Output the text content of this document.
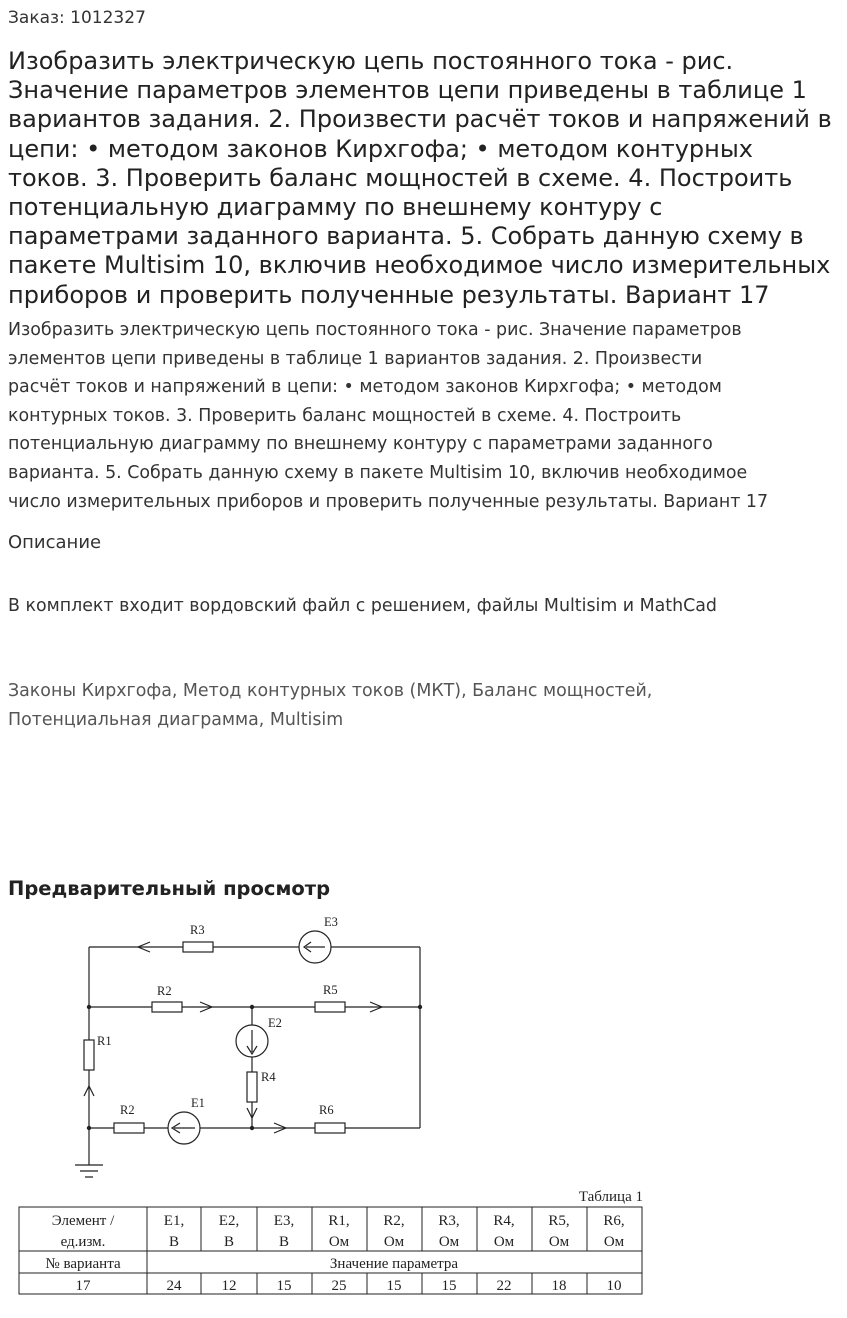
Заказ: 1012327
Изобразить электрическую цепь постоянного тока - рис. Значение параметров элементов цепи приведены в таблице 1 вариантов задания. 2. Произвести расчёт токов и напряжений в цепи: • методом законов Кирхгофа; • методом контурных токов. 3. Проверить баланс мощностей в схеме. 4. Построить потенциальную диаграмму по внешнему контуру с параметрами заданного варианта. 5. Собрать данную схему в пакете Multisim 10, включив необходимое число измерительных приборов и проверить полученные результаты. Вариант 17
Изобразить электрическую цепь постоянного тока - рис. Значение параметров
элементов цепи приведены в таблице 1 вариантов задания. 2. Произвести
расчёт токов и напряжений в цепи: • методом законов Кирхгофа; • методом
контурных токов. 3. Проверить баланс мощностей в схеме. 4. Построить
потенциальную диаграмму по внешнему контуру с параметрами заданного
варианта. 5. Собрать данную схему в пакете Multisim 10, включив необходимое
число измерительных приборов и проверить полученные результаты. Вариант 17
Описание
В комплект входит вордовский файл с решением, файлы Multisim и MathCad
Законы Кирхгофа, Метод контурных токов (МКТ), Баланс мощностей, Потенциальная диаграмма, Multisim
Предварительный просмотр
R3
E3
R2	R5
E2
R1
R4
E1
R2	R6
Таблица 1
Элемент /	E1, E2, E3, R1, R2, R3, R4, R5, R6,
ед.изм.	В	В	В	Ом Ом Ом Ом Ом Ом
№ варианта	Значение параметра
17	24	12	15	25	15	15	22	18	10
